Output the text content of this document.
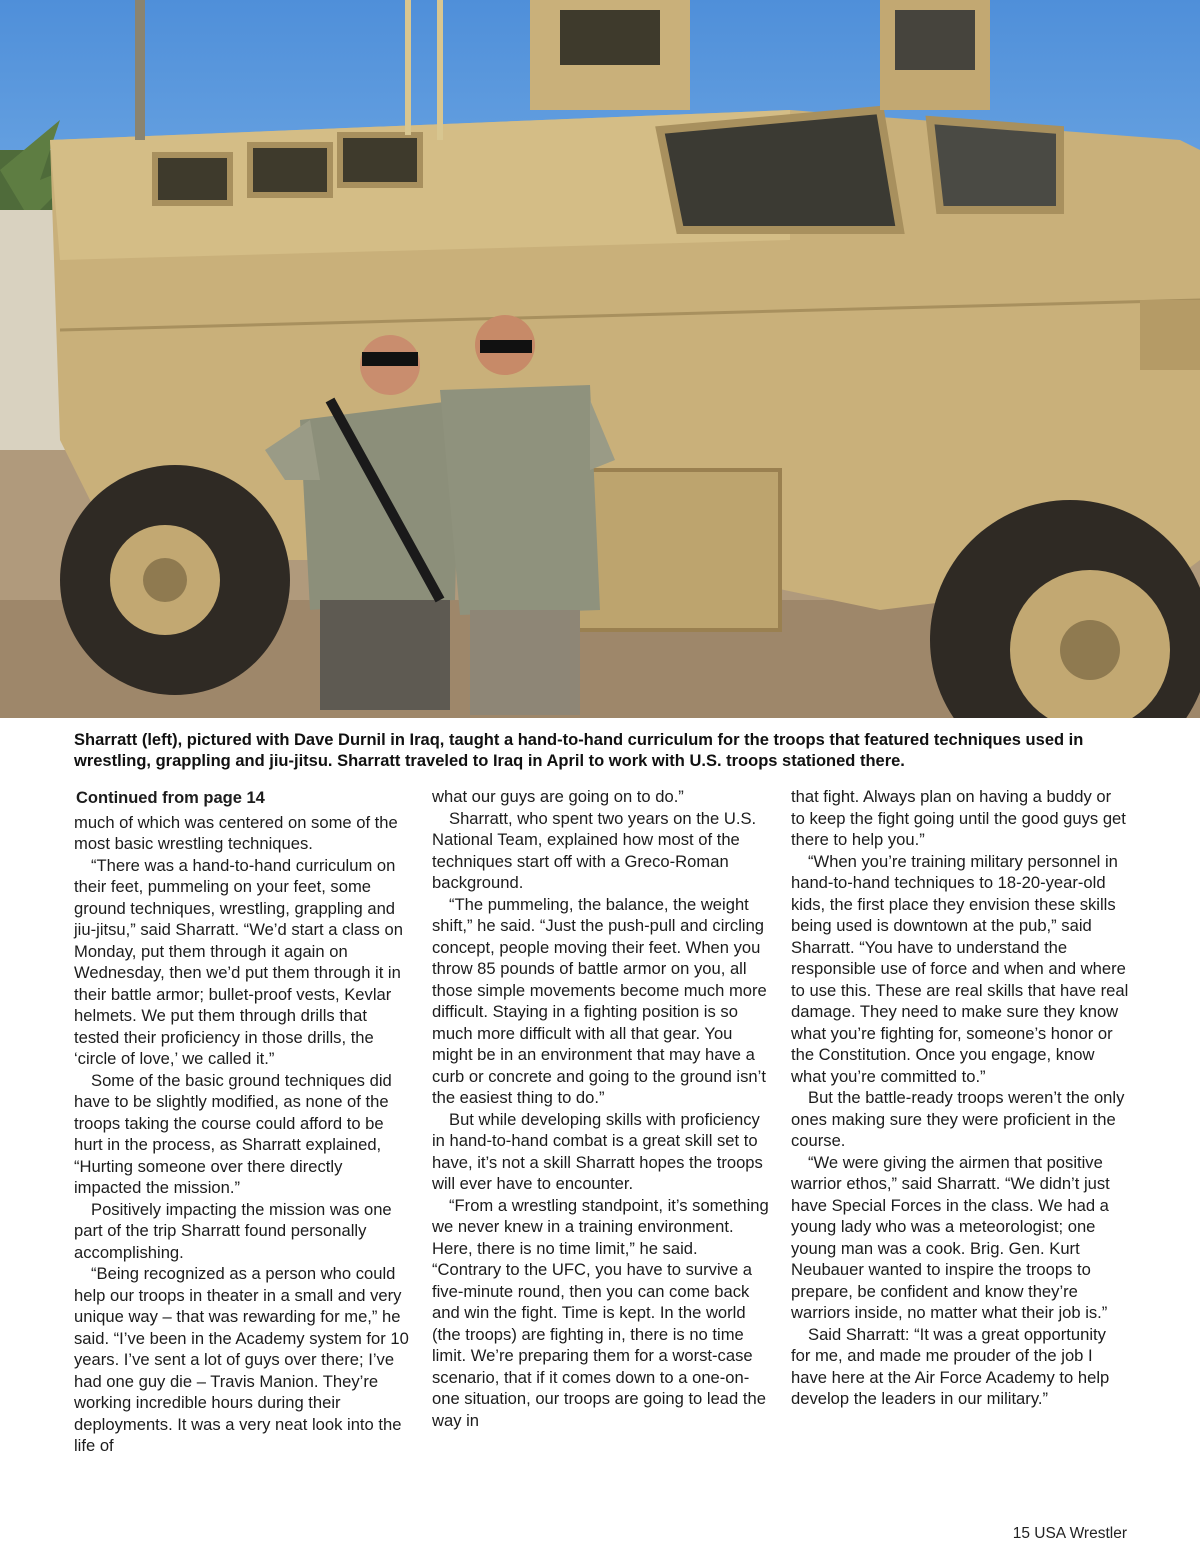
Sharratt (left), pictured with Dave Durnil in Iraq, taught a hand-to-hand curriculum for the troops that featured techniques used in wrestling, grappling and jiu-jitsu. Sharratt traveled to Iraq in April to work with U.S. troops stationed there.
Continued from page 14

much of which was centered on some of the most basic wrestling techniques.

“There was a hand-to-hand curriculum on their feet, pummeling on your feet, some ground techniques, wrestling, grappling and jiu-jitsu,” said Sharratt. “We’d start a class on Monday, put them through it again on Wednesday, then we’d put them through it in their battle armor; bullet-proof vests, Kevlar helmets. We put them through drills that tested their proficiency in those drills, the ‘circle of love,’ we called it.”

Some of the basic ground techniques did have to be slightly modified, as none of the troops taking the course could afford to be hurt in the process, as Sharratt explained, “Hurting someone over there directly impacted the mission.”

Positively impacting the mission was one part of the trip Sharratt found personally accomplishing.

“Being recognized as a person who could help our troops in theater in a small and very unique way – that was rewarding for me,” he said. “I’ve been in the Academy system for 10 years. I’ve sent a lot of guys over there; I’ve had one guy die – Travis Manion. They’re working incredible hours during their deployments. It was a very neat look into the life of

what our guys are going on to do.”

Sharratt, who spent two years on the U.S. National Team, explained how most of the techniques start off with a Greco-Roman background.

“The pummeling, the balance, the weight shift,” he said. “Just the push-pull and circling concept, people moving their feet. When you throw 85 pounds of battle armor on you, all those simple movements become much more difficult. Staying in a fighting position is so much more difficult with all that gear. You might be in an environment that may have a curb or concrete and going to the ground isn’t the easiest thing to do.”

But while developing skills with proficiency in hand-to-hand combat is a great skill set to have, it’s not a skill Sharratt hopes the troops will ever have to encounter.

“From a wrestling standpoint, it’s something we never knew in a training environment. Here, there is no time limit,” he said. “Contrary to the UFC, you have to survive a five-minute round, then you can come back and win the fight. Time is kept. In the world (the troops) are fighting in, there is no time limit. We’re preparing them for a worst-case scenario, that if it comes down to a one-on-one situation, our troops are going to lead the way in

that fight. Always plan on having a buddy or to keep the fight going until the good guys get there to help you.”

“When you’re training military personnel in hand-to-hand techniques to 18-20-year-old kids, the first place they envision these skills being used is downtown at the pub,” said Sharratt. “You have to understand the responsible use of force and when and where to use this. These are real skills that have real damage. They need to make sure they know what you’re fighting for, someone’s honor or the Constitution. Once you engage, know what you’re committed to.”

But the battle-ready troops weren’t the only ones making sure they were proficient in the course.

“We were giving the airmen that positive warrior ethos,” said Sharratt. “We didn’t just have Special Forces in the class. We had a young lady who was a meteorologist; one young man was a cook. Brig. Gen. Kurt Neubauer wanted to inspire the troops to prepare, be confident and know they’re warriors inside, no matter what their job is.”

Said Sharratt: “It was a great opportunity for me, and made me prouder of the job I have here at the Air Force Academy to help develop the leaders in our military.”

15 USA Wrestler
